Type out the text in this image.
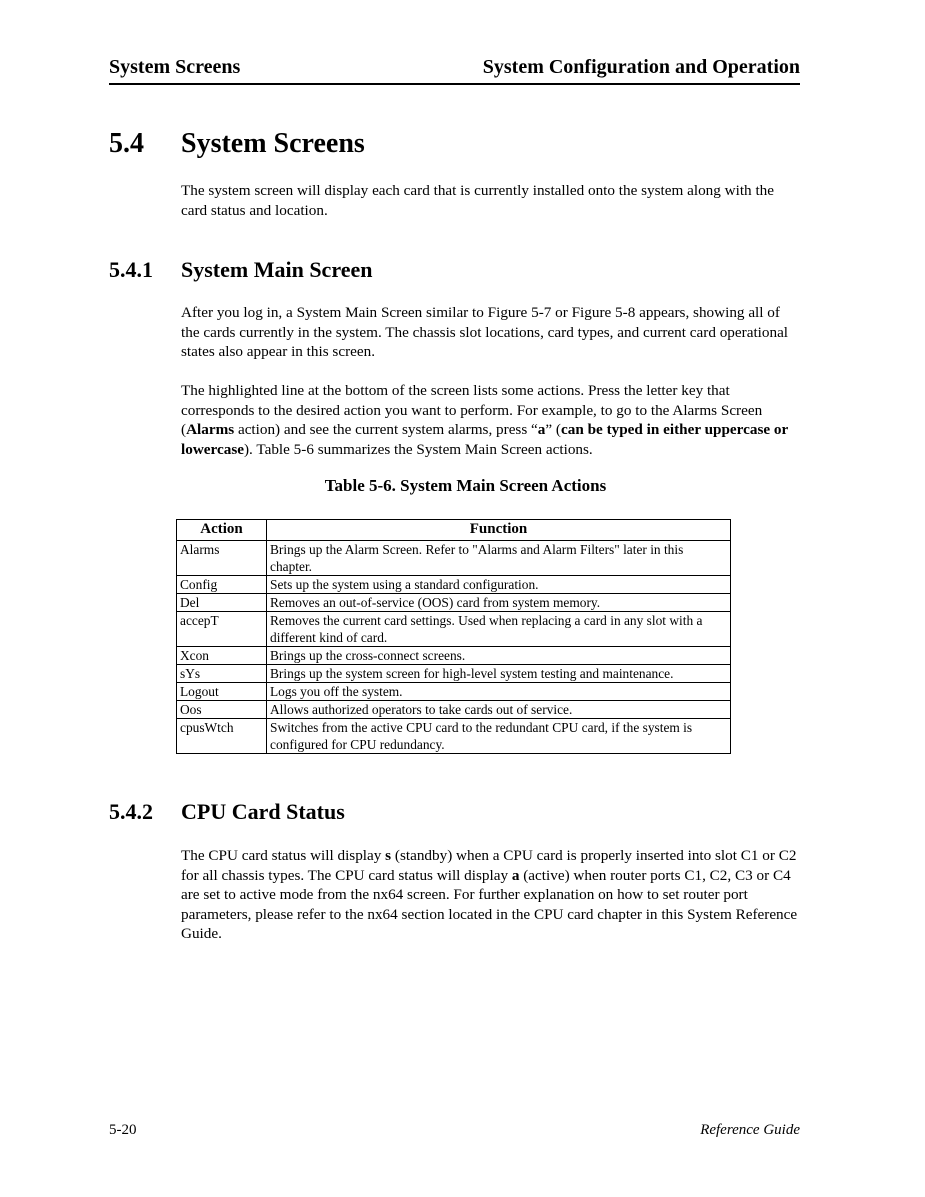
System Screens	System Configuration and Operation
5.4 System Screens

The system screen will display each card that is currently installed onto the system along with the card status and location.

5.4.1 System Main Screen

After you log in, a System Main Screen similar to Figure 5-7 or Figure 5-8 appears, showing all of the cards currently in the system. The chassis slot locations, card types, and current card operational states also appear in this screen.

The highlighted line at the bottom of the screen lists some actions. Press the letter key that corresponds to the desired action you want to perform. For example, to go to the Alarms Screen (Alarms action) and see the current system alarms, press “a” (can be typed in either uppercase or lowercase). Table 5-6 summarizes the System Main Screen actions.

Table 5-6. System Main Screen Actions
Action	Function
Alarms	Brings up the Alarm Screen. Refer to "Alarms and Alarm Filters" later in this chapter.
Config	Sets up the system using a standard configuration.
Del	Removes an out-of-service (OOS) card from system memory.
accepT	Removes the current card settings. Used when replacing a card in any slot with a different kind of card.
Xcon	Brings up the cross-connect screens.
sYs	Brings up the system screen for high-level system testing and maintenance.
Logout	Logs you off the system.
Oos	Allows authorized operators to take cards out of service.
cpusWtch	Switches from the active CPU card to the redundant CPU card, if the system is configured for CPU redundancy.
5.4.2 CPU Card Status

The CPU card status will display s (standby) when a CPU card is properly inserted into slot C1 or C2 for all chassis types. The CPU card status will display a (active) when router ports C1, C2, C3 or C4 are set to active mode from the nx64 screen. For further explanation on how to set router port parameters, please refer to the nx64 section located in the CPU card chapter in this System Reference Guide.

5-20	Reference Guide
